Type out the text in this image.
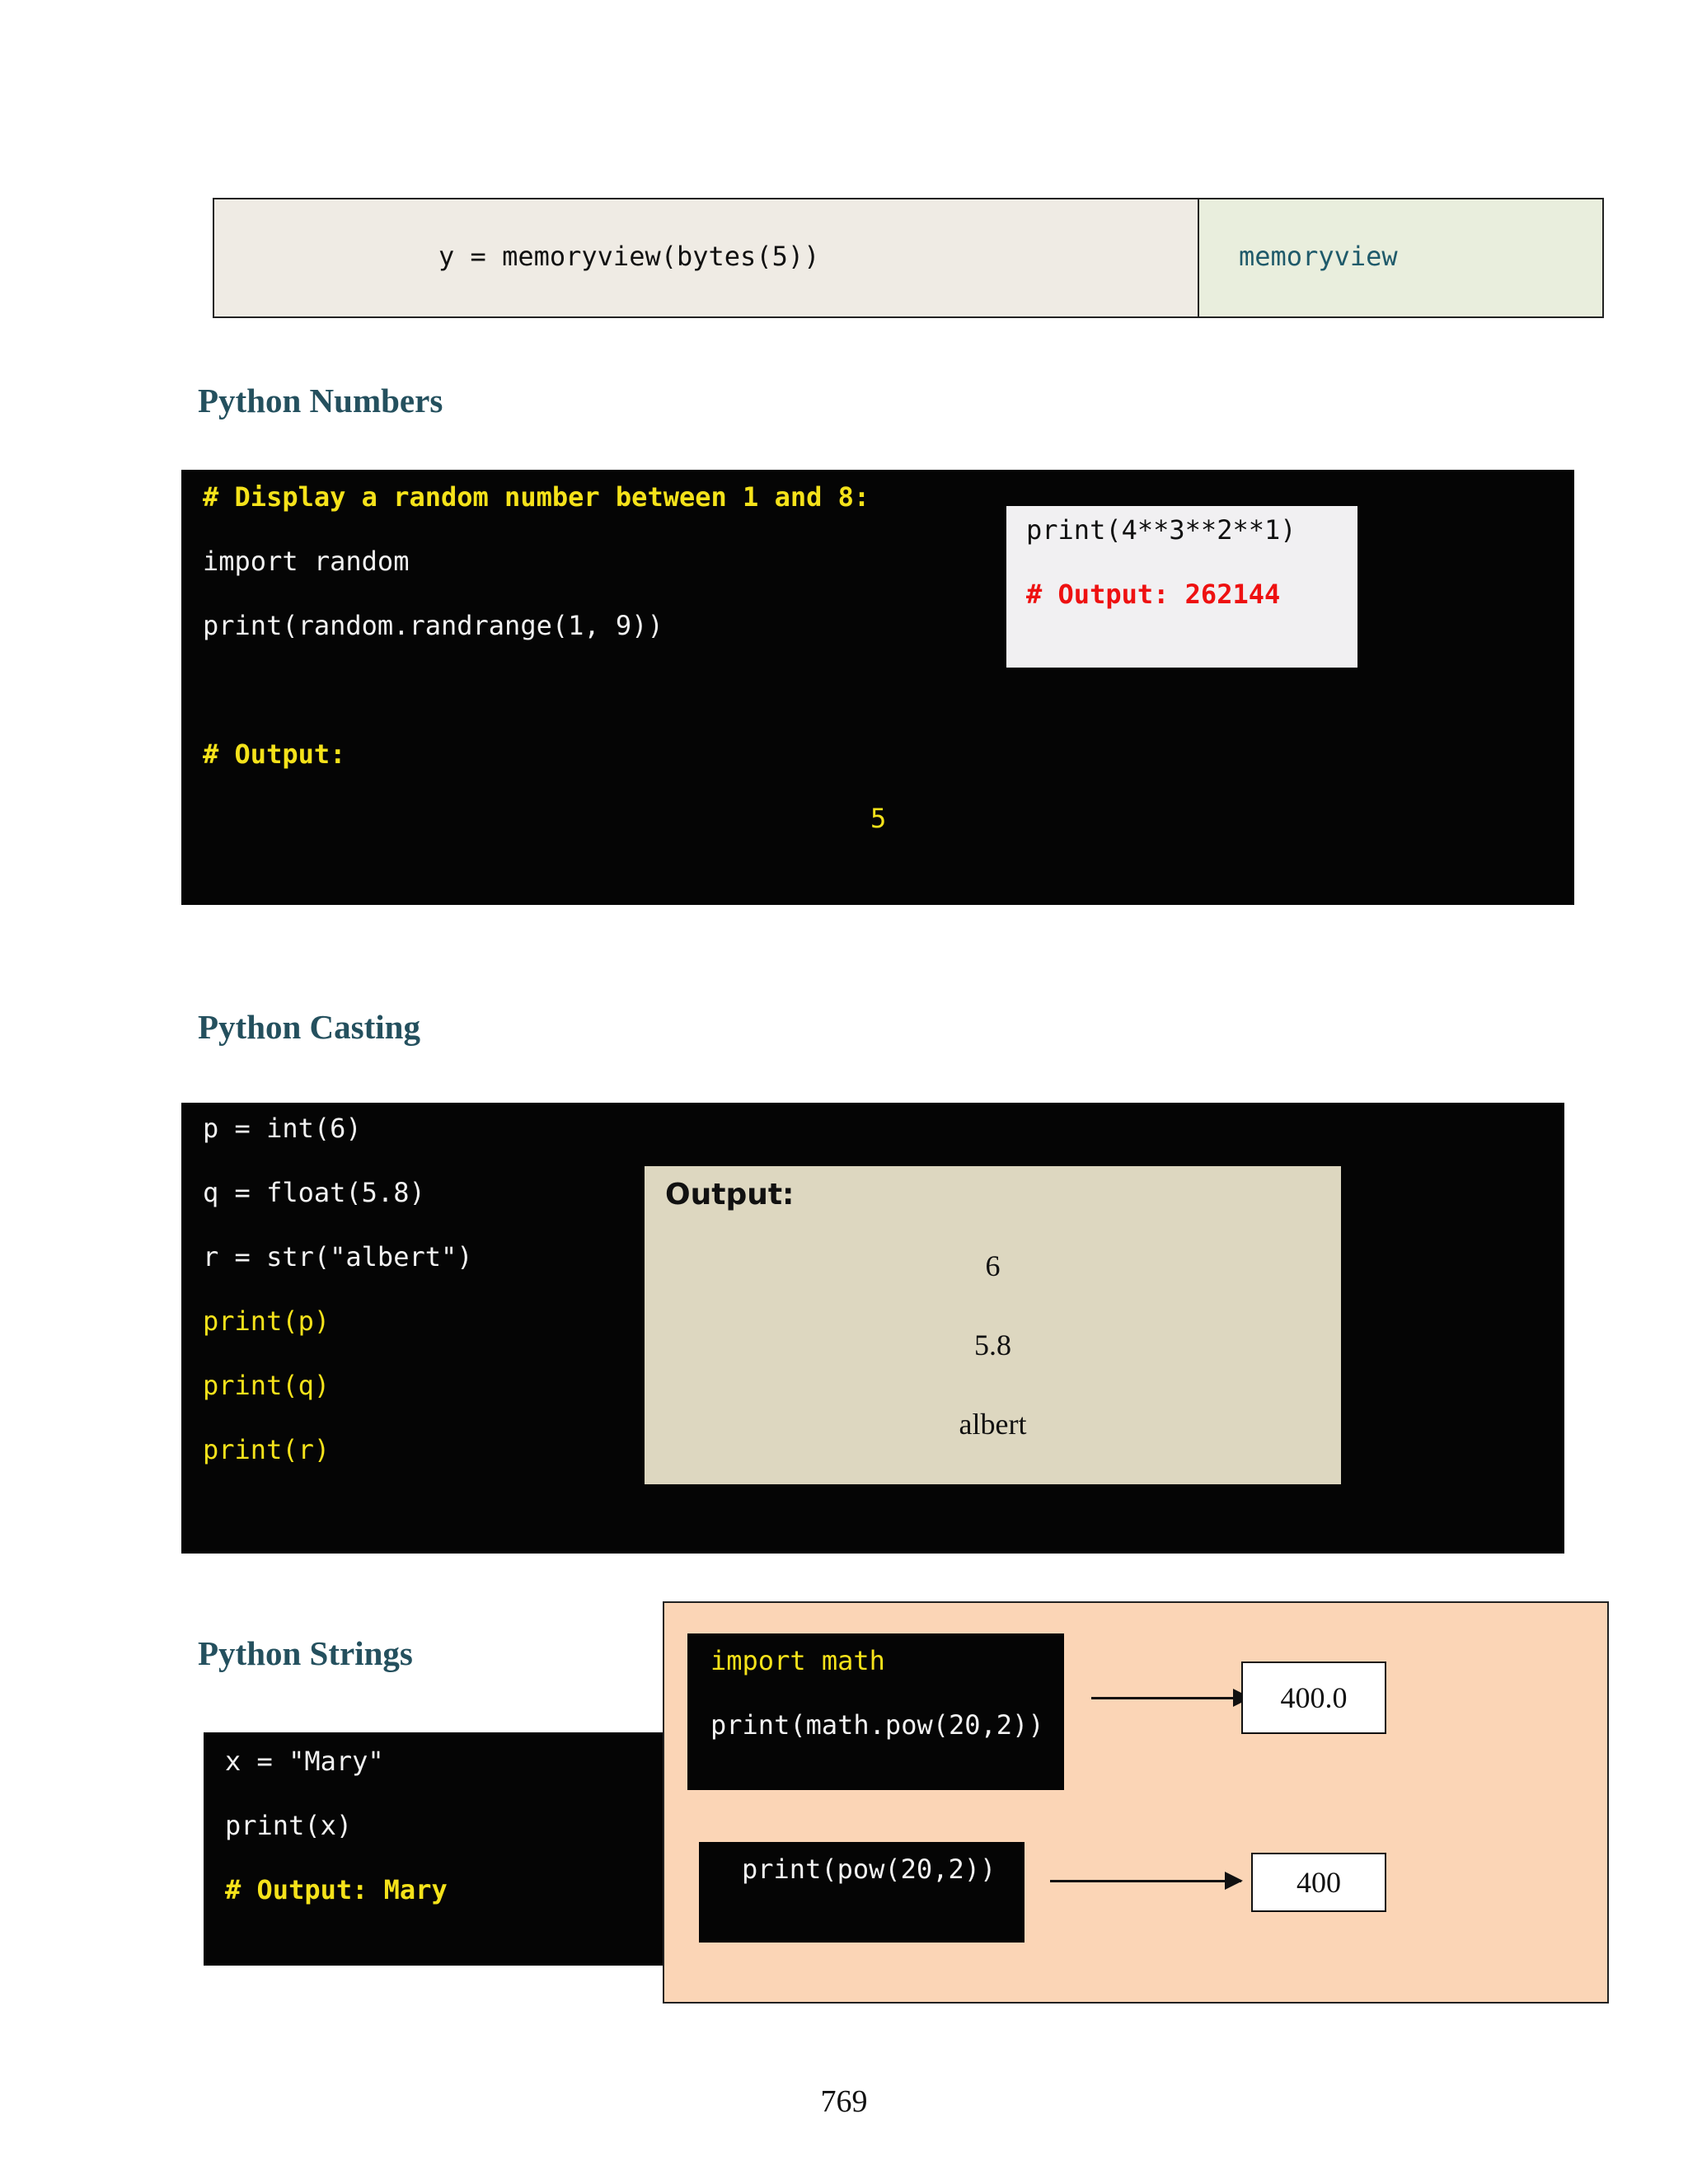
y = memoryview(bytes(5))	memoryview
Python Numbers
# Display a random number between 1 and 8:
import random
print(random.randrange(1, 9))
# Output:
5
print(4**3**2**1)
# Output: 262144
Python Casting
p = int(6)
q = float(5.8)
r = str("albert")
print(p)
print(q)
print(r)
Output:
6
5.8
albert
Python Strings
x = "Mary"
print(x)
# Output: Mary
import math
print(math.pow(20,2))
400.0
print(pow(20,2))	400
769
